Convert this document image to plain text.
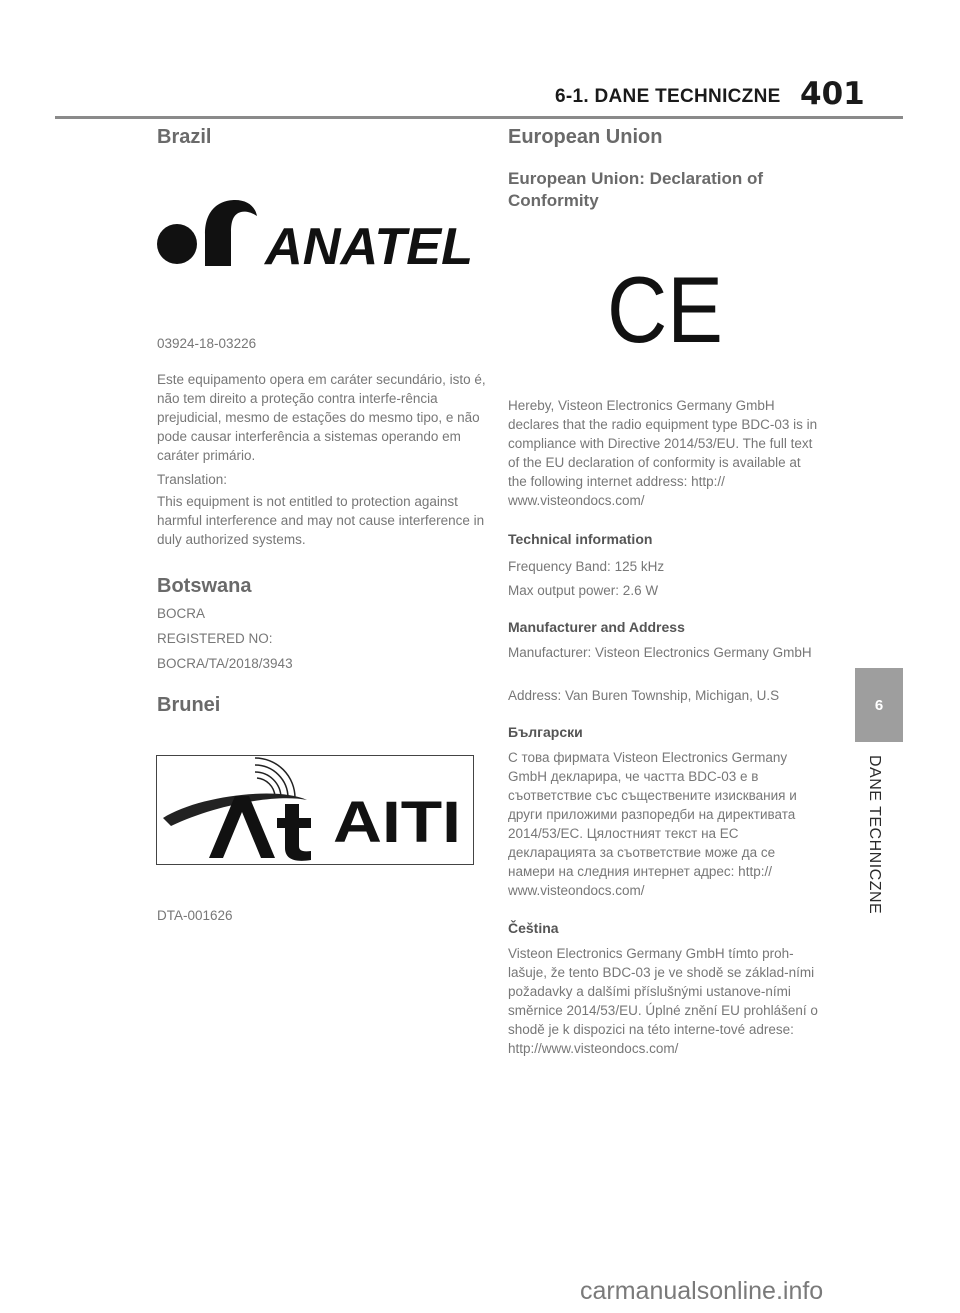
6-1. DANE TECHNICZNE 401
6
DANE TECHNICZNE
Brazil
ANATEL

03924-18-03226

Este equipamento opera em caráter secundário, isto é, não tem direito a proteção contra interfe-rência prejudicial, mesmo de estações do mesmo tipo, e não pode causar interferência a sistemas operando em caráter primário.

Translation:

This equipment is not entitled to protection against harmful interference and may not cause interference in duly authorized systems.

Botswana

BOCRA

REGISTERED NO:

BOCRA/TA/2018/3943

Brunei
AITI

DTA-001626

European Union
European Union: Declaration of Conformity
CE

Hereby, Visteon Electronics Germany GmbH declares that the radio equipment type BDC-03 is in compliance with Directive 2014/53/EU. The full text of the EU declaration of conformity is available at the following internet address: http:// www.visteondocs.com/

Technical information

Frequency Band: 125 kHz

Max output power: 2.6 W

Manufacturer and Address

Manufacturer: Visteon Electronics Germany GmbH

Address: Van Buren Township, Michigan, U.S

Български

С това фирмата Visteon Electronics Germany GmbH декларира, че частта BDC-03 е в съответствие със съществените изисквания и други приложими разпоредби на директивата 2014/53/EC. Цялостният текст на ЕС декларацията за съответствие може да се намери на следния интернет адрес: http:// www.visteondocs.com/

Čeština

Visteon Electronics Germany GmbH tímto proh-lašuje, že tento BDC-03 je ve shodě se základ-ními požadavky a dalšími příslušnými ustanove-ními směrnice 2014/53/EU. Úplné znění EU prohlášení o shodě je k dispozici na této interne-tové adrese: http://www.visteondocs.com/

carmanualsonline.info
